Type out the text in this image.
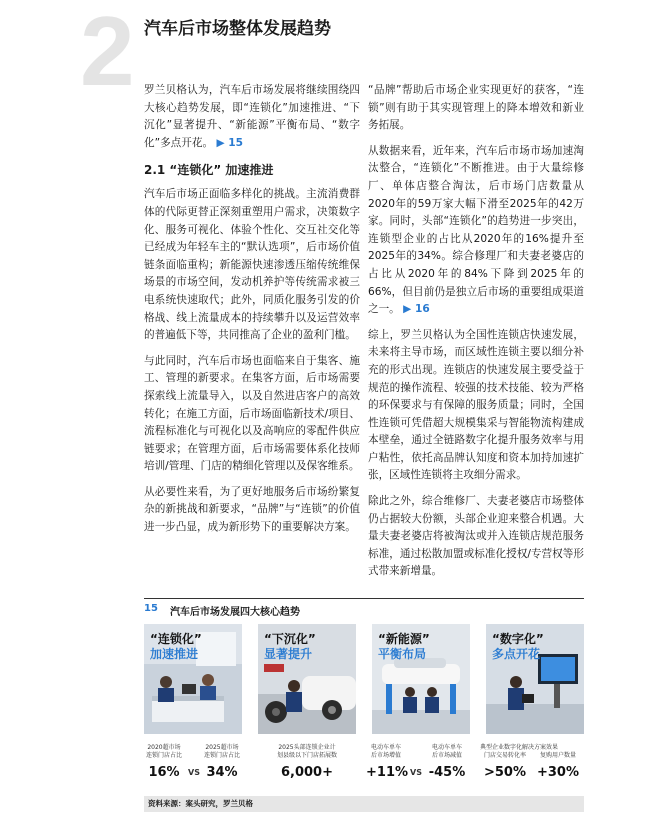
2 汽车后市场整体发展趋势

罗兰贝格认为，汽车后市场发展将继续围绕四大核心趋势发展，即“连锁化”加速推进、“下沉化”显著提升、“新能源”平衡布局、“数字化”多点开花。 ▶ 15

2.1 “连锁化” 加速推进

汽车后市场正面临多样化的挑战。主流消费群体的代际更替正深刻重塑用户需求，决策数字化、服务可视化、体验个性化、交互社交化等已经成为年轻车主的“默认选项”，后市场价值链条面临重构；新能源快速渗透压缩传统维保场景的市场空间，发动机养护等传统需求被三电系统快速取代；此外，同质化服务引发的价格战、线上流量成本的持续攀升以及运营效率的普遍低下等，共同推高了企业的盈利门槛。

与此同时，汽车后市场也面临来自于集客、施工、管理的新要求。在集客方面，后市场需要探索线上流量导入，以及自然进店客户的高效转化；在施工方面，后市场面临新技术/项目、流程标准化与可视化以及高响应的零配件供应链要求；在管理方面，后市场需要体系化技师培训/管理、门店的精细化管理以及保客维系。

从必要性来看，为了更好地服务后市场纷繁复杂的新挑战和新要求，“品牌”与“连锁”的价值进一步凸显，成为新形势下的重要解决方案。

“品牌”帮助后市场企业实现更好的获客，“连锁”则有助于其实现管理上的降本增效和新业务拓展。

从数据来看，近年来，汽车后市场市场加速淘汰整合，“连锁化”不断推进。由于大量综修厂、单体店整合淘汰，后市场门店数量从2020年的59万家大幅下滑至2025年的42万家。同时，头部“连锁化”的趋势进一步突出，连锁型企业的占比从2020年的16%提升至2025年的34%。综合修理厂和夫妻老婆店的占比从2020年的84%下降到2025年的66%，但目前仍是独立后市场的重要组成渠道之一。 ▶ 16

综上，罗兰贝格认为全国性连锁店快速发展，未来将主导市场，而区域性连锁主要以细分补充的形式出现。连锁店的快速发展主要受益于规范的操作流程、较强的技术技能、较为严格的环保要求与有保障的服务质量；同时，全国性连锁可凭借超大规模集采与智能物流构建成本壁垒，通过全链路数字化提升服务效率与用户粘性，依托高品牌认知度和资本加持加速扩张，区域性连锁将主攻细分需求。

除此之外，综合维修厂、夫妻老婆店市场整体仍占据较大份额，头部企业迎来整合机遇。大量夫妻老婆店将被淘汰或并入连锁店规范服务标准，通过松散加盟或标准化授权/专营权等形式带来新增量。

15	汽车后市场发展四大核心趋势
“连锁化”
加速推进
“下沉化”
显著提升
“新能源”
平衡布局
“数字化”
多点开花
2020超市场
连锁门店占比
16%	VS
2025超市场
连锁门店占比
34%
2025头部连锁企业计
划县级以下门店拓展数
6,000+
电动车单车
后市场增值
+11% VS
电动车单车
后市场减值
-45%
典型企业数字化解决方案效果
门店交易转化率
>50%

复购用户数量
+30%
资料来源：案头研究，罗兰贝格
